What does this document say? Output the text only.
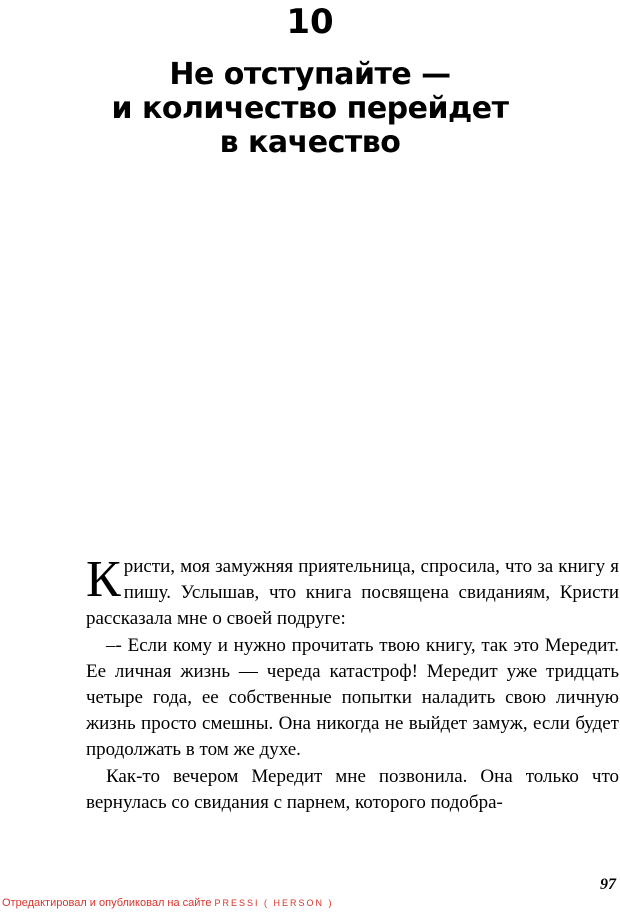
10
Не отступайте —
и количество перейдет
в качество

Кристи, моя замужняя приятельница, спросила, что за книгу я пишу. Услышав, что книга посвящена свиданиям, Кристи рассказала мне о своей подруге:

–- Если кому и нужно прочитать твою книгу, так это Мередит. Ее личная жизнь — череда катастроф! Мередит уже тридцать четыре года, ее собственные попытки наладить свою личную жизнь просто смешны. Она никогда не выйдет замуж, если будет продолжать в том же духе.

Как-то вечером Мередит мне позвонила. Она только что вернулась со свидания с парнем, которого подобра-

97
Отредактировал и опубликовал на сайте PRESSI ( HERSON )
